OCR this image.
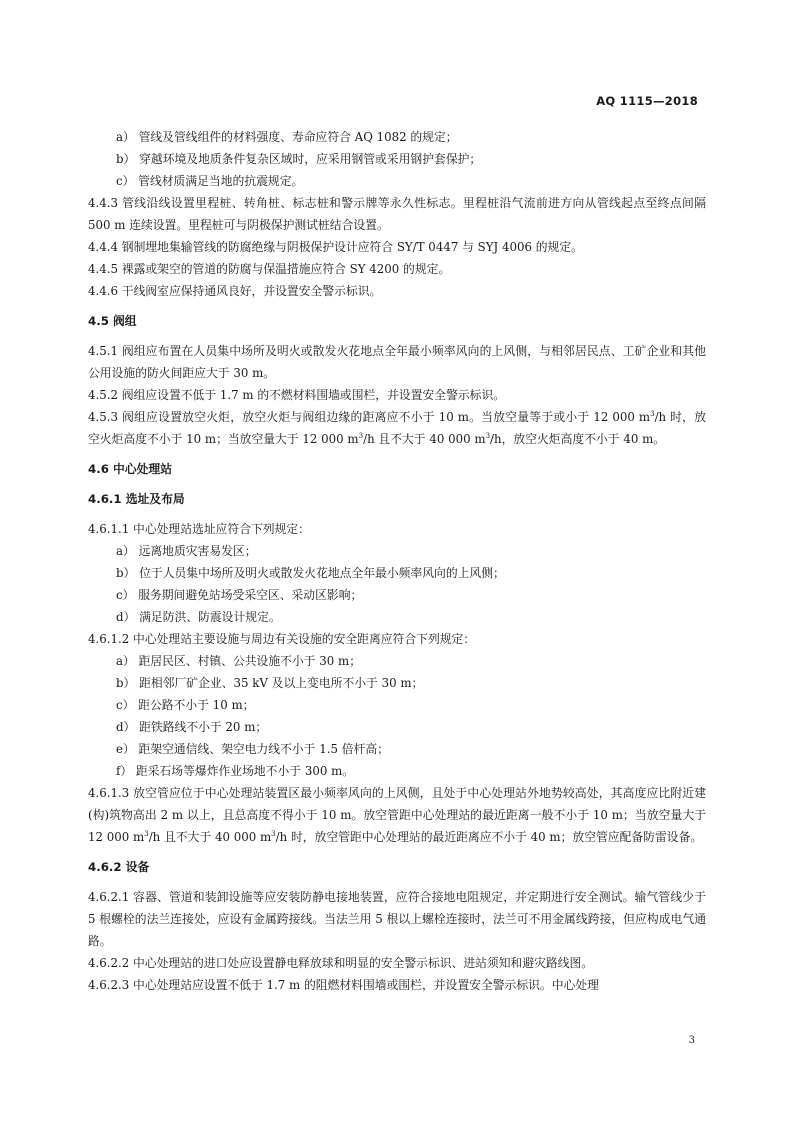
AQ 1115—2018
a） 管线及管线组件的材料强度、寿命应符合 AQ 1082 的规定；
b） 穿越环境及地质条件复杂区域时，应采用钢管或采用钢护套保护；
c） 管线材质满足当地的抗震规定。
4.4.3 管线沿线设置里程桩、转角桩、标志桩和警示牌等永久性标志。里程桩沿气流前进方向从管线起点至终点间隔 500 m 连续设置。里程桩可与阴极保护测试桩结合设置。
4.4.4 钢制埋地集输管线的防腐绝缘与阴极保护设计应符合 SY/T 0447 与 SYJ 4006 的规定。
4.4.5 裸露或架空的管道的防腐与保温措施应符合 SY 4200 的规定。
4.4.6 干线阀室应保持通风良好，并设置安全警示标识。
4.5 阀组
4.5.1 阀组应布置在人员集中场所及明火或散发火花地点全年最小频率风向的上风侧，与相邻居民点、工矿企业和其他公用设施的防火间距应大于 30 m。
4.5.2 阀组应设置不低于 1.7 m 的不燃材料围墙或围栏，并设置安全警示标识。
4.5.3 阀组应设置放空火炬，放空火炬与阀组边缘的距离应不小于 10 m。当放空量等于或小于 12 000 $m^3/h$ 时，放空火炬高度不小于 10 m；当放空量大于 12 000 $m^3/h$ 且不大于 40 000 $m^3/h$，放空火炬高度不小于 40 m。
4.6 中心处理站
4.6.1 选址及布局
4.6.1.1 中心处理站选址应符合下列规定：
a） 远离地质灾害易发区；
b） 位于人员集中场所及明火或散发火花地点全年最小频率风向的上风侧；
c） 服务期间避免站场受采空区、采动区影响；
d） 满足防洪、防震设计规定。
4.6.1.2 中心处理站主要设施与周边有关设施的安全距离应符合下列规定：
a） 距居民区、村镇、公共设施不小于 30 m；
b） 距相邻厂矿企业、35 kV 及以上变电所不小于 30 m；
c） 距公路不小于 10 m；
d） 距铁路线不小于 20 m；
e） 距架空通信线、架空电力线不小于 1.5 倍杆高；
f） 距采石场等爆炸作业场地不小于 300 m。
4.6.1.3 放空管应位于中心处理站装置区最小频率风向的上风侧，且处于中心处理站外地势较高处，其高度应比附近建(构)筑物高出 2 m 以上，且总高度不得小于 10 m。放空管距中心处理站的最近距离一般不小于 10 m；当放空量大于 12 000 $m^3/h$ 且不大于 40 000 $m^3/h$ 时，放空管距中心处理站的最近距离应不小于 40 m；放空管应配备防雷设备。
4.6.2 设备
4.6.2.1 容器、管道和装卸设施等应安装防静电接地装置，应符合接地电阻规定，并定期进行安全测试。输气管线少于 5 根螺栓的法兰连接处，应设有金属跨接线。当法兰用 5 根以上螺栓连接时，法兰可不用金属线跨接，但应构成电气通路。
4.6.2.2 中心处理站的进口处应设置静电释放球和明显的安全警示标识、进站须知和避灾路线图。
4.6.2.3 中心处理站应设置不低于 1.7 m 的阻燃材料围墙或围栏，并设置安全警示标识。中心处理
3
